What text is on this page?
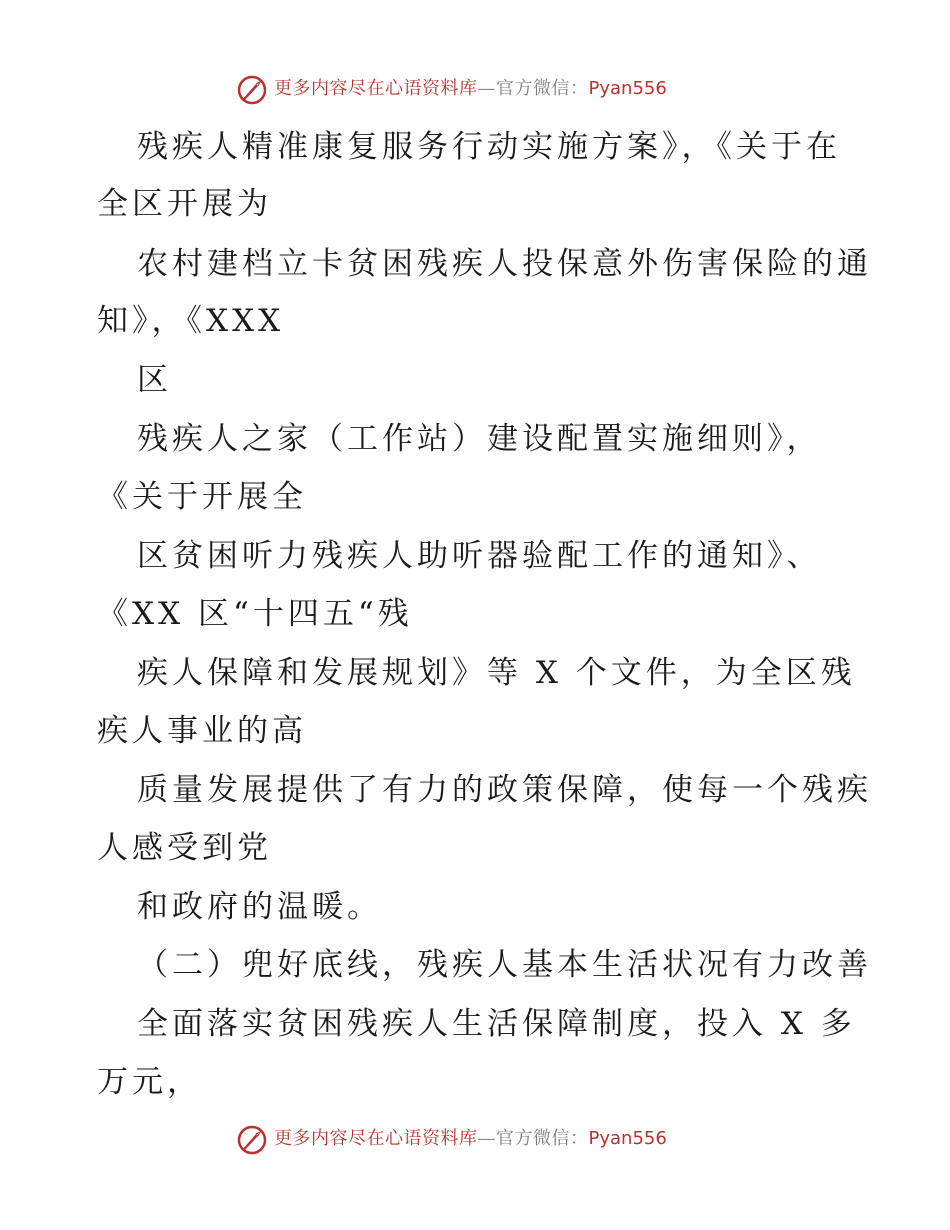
更多内容尽在心语资料库—官方微信：Pyan556
残疾人精准康复服务行动实施方案》，《关于在
全区开展为
农村建档立卡贫困残疾人投保意外伤害保险的通
知》，《XXX
区
残疾人之家（工作站）建设配置实施细则》，
《关于开展全
区贫困听力残疾人助听器验配工作的通知》、
《XX 区“十四五“残
疾人保障和发展规划》等 X 个文件，为全区残
疾人事业的高
质量发展提供了有力的政策保障，使每一个残疾
人感受到党
和政府的温暖。
（二）兜好底线，残疾人基本生活状况有力改善
全面落实贫困残疾人生活保障制度，投入 X 多
万元，
更多内容尽在心语资料库—官方微信：Pyan556
